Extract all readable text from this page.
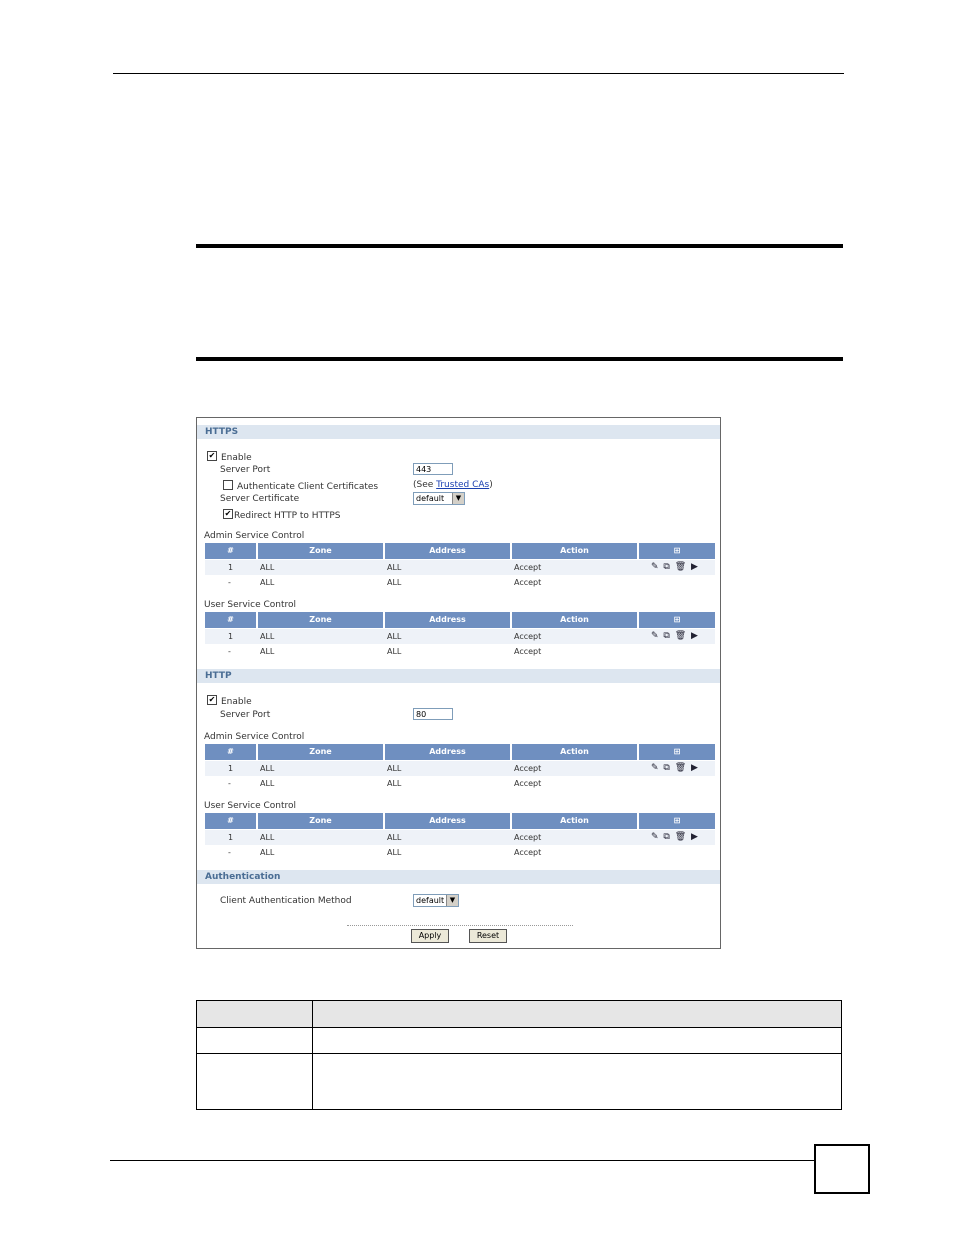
HTTPS
✔ Enable
Server Port	443
Authenticate Client Certificates	(See Trusted CAs)
Server Certificate	default	▼
✔ Redirect HTTP to HTTPS
Admin Service Control
#	Zone	Address	Action	⊞
1	ALL	ALL	Accept	✎ ⧉ 🗑 ▶
-	ALL	ALL	Accept
User Service Control
#	Zone	Address	Action	⊞
1	ALL	ALL	Accept	✎ ⧉ 🗑 ▶
-	ALL	ALL	Accept
HTTP
✔ Enable
Server Port	80
Admin Service Control
#	Zone	Address	Action	⊞
1	ALL	ALL	Accept	✎ ⧉ 🗑 ▶
-	ALL	ALL	Accept
User Service Control
#	Zone	Address	Action	⊞
1	ALL	ALL	Accept	✎ ⧉ 🗑 ▶
-	ALL	ALL	Accept
Authentication
Client Authentication Method	default ▼
Apply	Reset
